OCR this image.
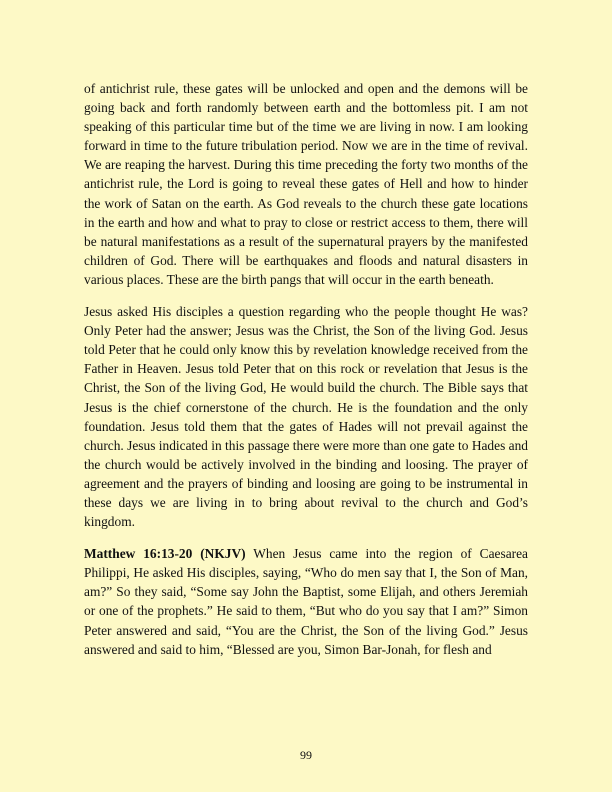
of antichrist rule, these gates will be unlocked and open and the demons will be going back and forth randomly between earth and the bottomless pit. I am not speaking of this particular time but of the time we are living in now. I am looking forward in time to the future tribulation period. Now we are in the time of revival. We are reaping the harvest. During this time preceding the forty two months of the antichrist rule, the Lord is going to reveal these gates of Hell and how to hinder the work of Satan on the earth. As God reveals to the church these gate locations in the earth and how and what to pray to close or restrict access to them, there will be natural manifestations as a result of the supernatural prayers by the manifested children of God. There will be earthquakes and floods and natural disasters in various places. These are the birth pangs that will occur in the earth beneath.

Jesus asked His disciples a question regarding who the people thought He was? Only Peter had the answer; Jesus was the Christ, the Son of the living God. Jesus told Peter that he could only know this by revelation knowledge received from the Father in Heaven. Jesus told Peter that on this rock or revelation that Jesus is the Christ, the Son of the living God, He would build the church. The Bible says that Jesus is the chief cornerstone of the church. He is the foundation and the only foundation. Jesus told them that the gates of Hades will not prevail against the church. Jesus indicated in this passage there were more than one gate to Hades and the church would be actively involved in the binding and loosing. The prayer of agreement and the prayers of binding and loosing are going to be instrumental in these days we are living in to bring about revival to the church and God’s kingdom.

Matthew 16:13-20 (NKJV) When Jesus came into the region of Caesarea Philippi, He asked His disciples, saying, “Who do men say that I, the Son of Man, am?” So they said, “Some say John the Baptist, some Elijah, and others Jeremiah or one of the prophets.” He said to them, “But who do you say that I am?” Simon Peter answered and said, “You are the Christ, the Son of the living God.” Jesus answered and said to him, “Blessed are you, Simon Bar-Jonah, for flesh and

99
